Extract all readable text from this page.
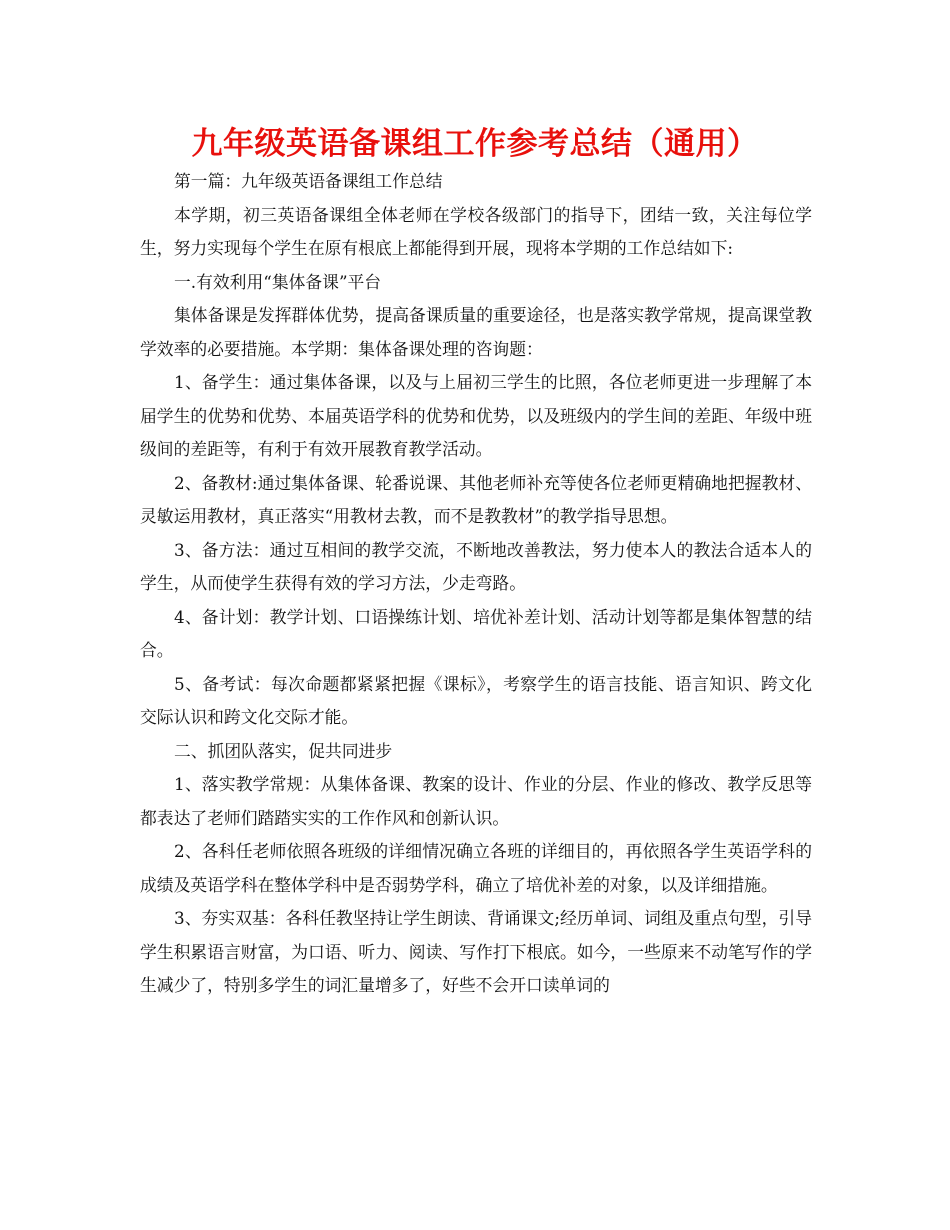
九年级英语备课组工作参考总结（通用）

第一篇：九年级英语备课组工作总结

本学期，初三英语备课组全体老师在学校各级部门的指导下，团结一致，关注每位学生，努力实现每个学生在原有根底上都能得到开展，现将本学期的工作总结如下:

一.有效利用“集体备课”平台

集体备课是发挥群体优势，提高备课质量的重要途径，也是落实教学常规，提高课堂教学效率的必要措施。本学期：集体备课处理的咨询题：

1、备学生：通过集体备课，以及与上届初三学生的比照，各位老师更进一步理解了本届学生的优势和优势、本届英语学科的优势和优势，以及班级内的学生间的差距、年级中班级间的差距等，有利于有效开展教育教学活动。

2、备教材:通过集体备课、轮番说课、其他老师补充等使各位老师更精确地把握教材、灵敏运用教材，真正落实“用教材去教，而不是教教材”的教学指导思想。

3、备方法：通过互相间的教学交流，不断地改善教法，努力使本人的教法合适本人的学生，从而使学生获得有效的学习方法，少走弯路。

4、备计划：教学计划、口语操练计划、培优补差计划、活动计划等都是集体智慧的结合。

5、备考试：每次命题都紧紧把握《课标》，考察学生的语言技能、语言知识、跨文化交际认识和跨文化交际才能。

二、抓团队落实，促共同进步

1、落实教学常规：从集体备课、教案的设计、作业的分层、作业的修改、教学反思等都表达了老师们踏踏实实的工作作风和创新认识。

2、各科任老师依照各班级的详细情况确立各班的详细目的，再依照各学生英语学科的成绩及英语学科在整体学科中是否弱势学科，确立了培优补差的对象，以及详细措施。

3、夯实双基：各科任教坚持让学生朗读、背诵课文;经历单词、词组及重点句型，引导学生积累语言财富，为口语、听力、阅读、写作打下根底。如今，一些原来不动笔写作的学生减少了，特别多学生的词汇量增多了，好些不会开口读单词的
